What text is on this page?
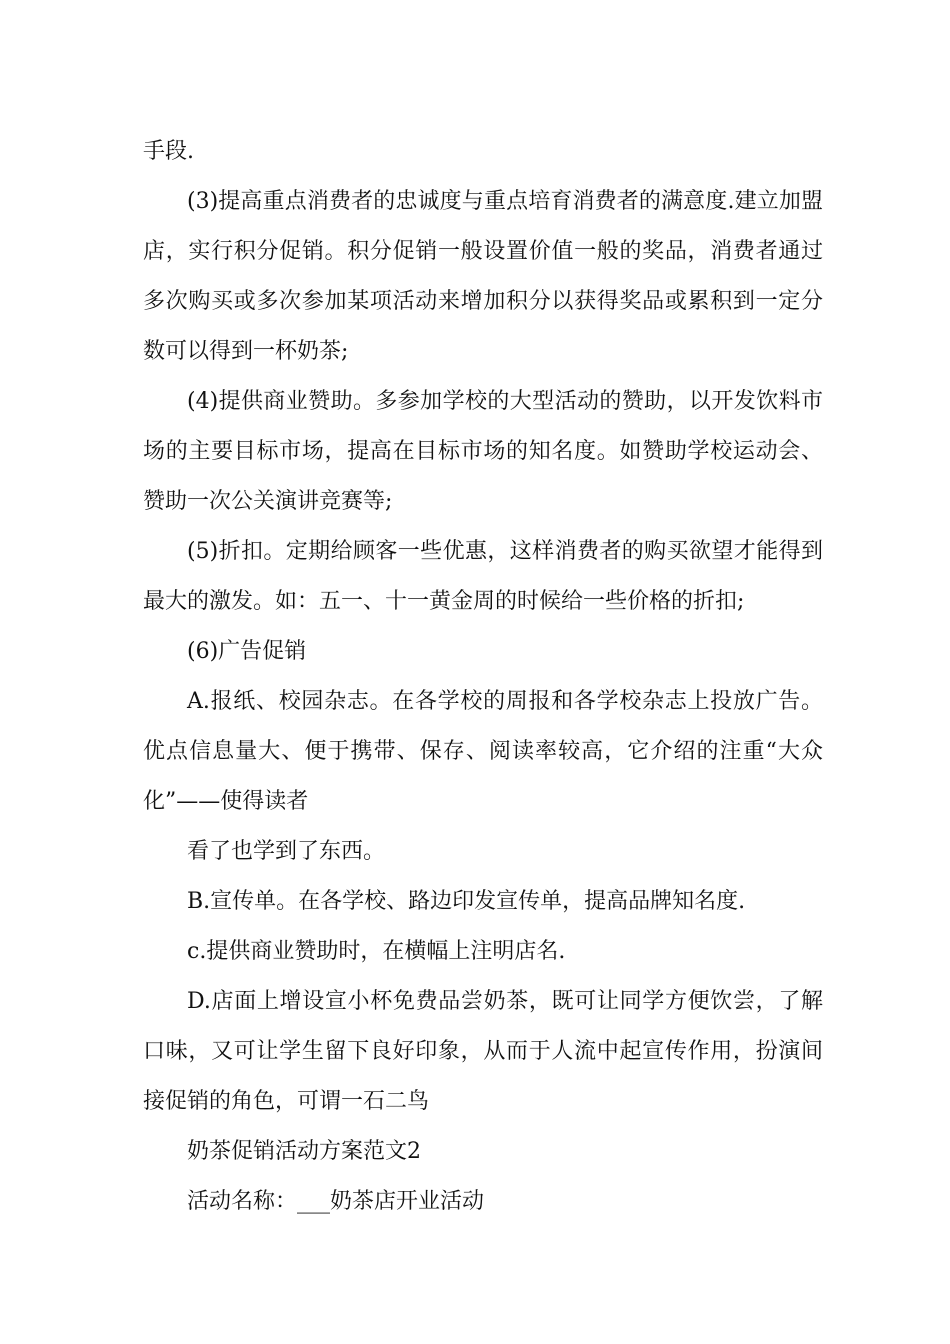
手段.

(3)提高重点消费者的忠诚度与重点培育消费者的满意度.建立加盟店，实行积分促销。积分促销一般设置价值一般的奖品，消费者通过多次购买或多次参加某项活动来增加积分以获得奖品或累积到一定分数可以得到一杯奶茶;

(4)提供商业赞助。多参加学校的大型活动的赞助，以开发饮料市场的主要目标市场，提高在目标市场的知名度。如赞助学校运动会、赞助一次公关演讲竞赛等;

(5)折扣。定期给顾客一些优惠，这样消费者的购买欲望才能得到最大的激发。如：五一、十一黄金周的时候给一些价格的折扣;

(6)广告促销

A.报纸、校园杂志。在各学校的周报和各学校杂志上投放广告。优点信息量大、便于携带、保存、阅读率较高，它介绍的注重“大众化”——使得读者

看了也学到了东西。

B.宣传单。在各学校、路边印发宣传单，提高品牌知名度.

c.提供商业赞助时，在横幅上注明店名.

D.店面上增设宣小杯免费品尝奶茶，既可让同学方便饮尝，了解口味，又可让学生留下良好印象，从而于人流中起宣传作用，扮演间接促销的角色，可谓一石二鸟

奶茶促销活动方案范文2

活动名称：___奶茶店开业活动
